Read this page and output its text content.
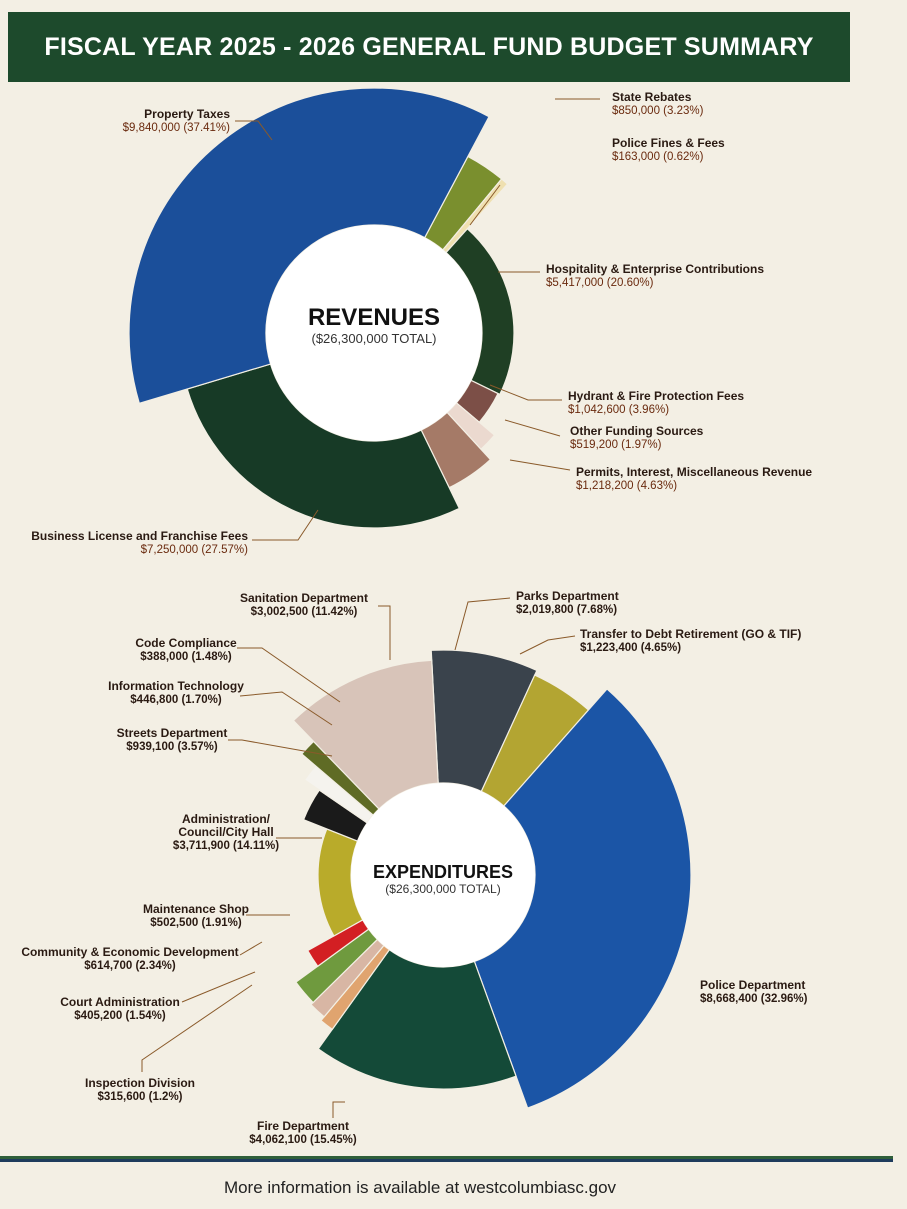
FISCAL YEAR 2025 - 2026 GENERAL FUND BUDGET SUMMARY
State Rebates
$850,000 (3.23%)
Police Fines & Fees
$163,000 (0.62%)
Hospitality & Enterprise Contributions
$5,417,000 (20.60%)
Hydrant & Fire Protection Fees
$1,042,600 (3.96%)
Other Funding Sources
$519,200 (1.97%)
Permits, Interest, Miscellaneous Revenue
$1,218,200 (4.63%)
Business License and Franchise Fees
$7,250,000 (27.57%)
Property Taxes
$9,840,000 (37.41%)
Parks Department
$2,019,800 (7.68%)
Transfer to Debt Retirement (GO & TIF)
$1,223,400 (4.65%)
Police Department
$8,668,400 (32.96%)
Fire Department
$4,062,100 (15.45%)
Inspection Division
$315,600 (1.2%)
Court Administration
$405,200 (1.54%)
Community & Economic Development
$614,700 (2.34%)
Maintenance Shop
$502,500 (1.91%)
Administration/
Council/City Hall
$3,711,900 (14.11%)
Streets Department
$939,100 (3.57%)
Information Technology
$446,800 (1.70%)
Code Compliance
$388,000 (1.48%)
Sanitation Department
$3,002,500 (11.42%)
REVENUES
($26,300,000 TOTAL)
EXPENDITURES
($26,300,000 TOTAL)
More information is available at westcolumbiasc.gov
